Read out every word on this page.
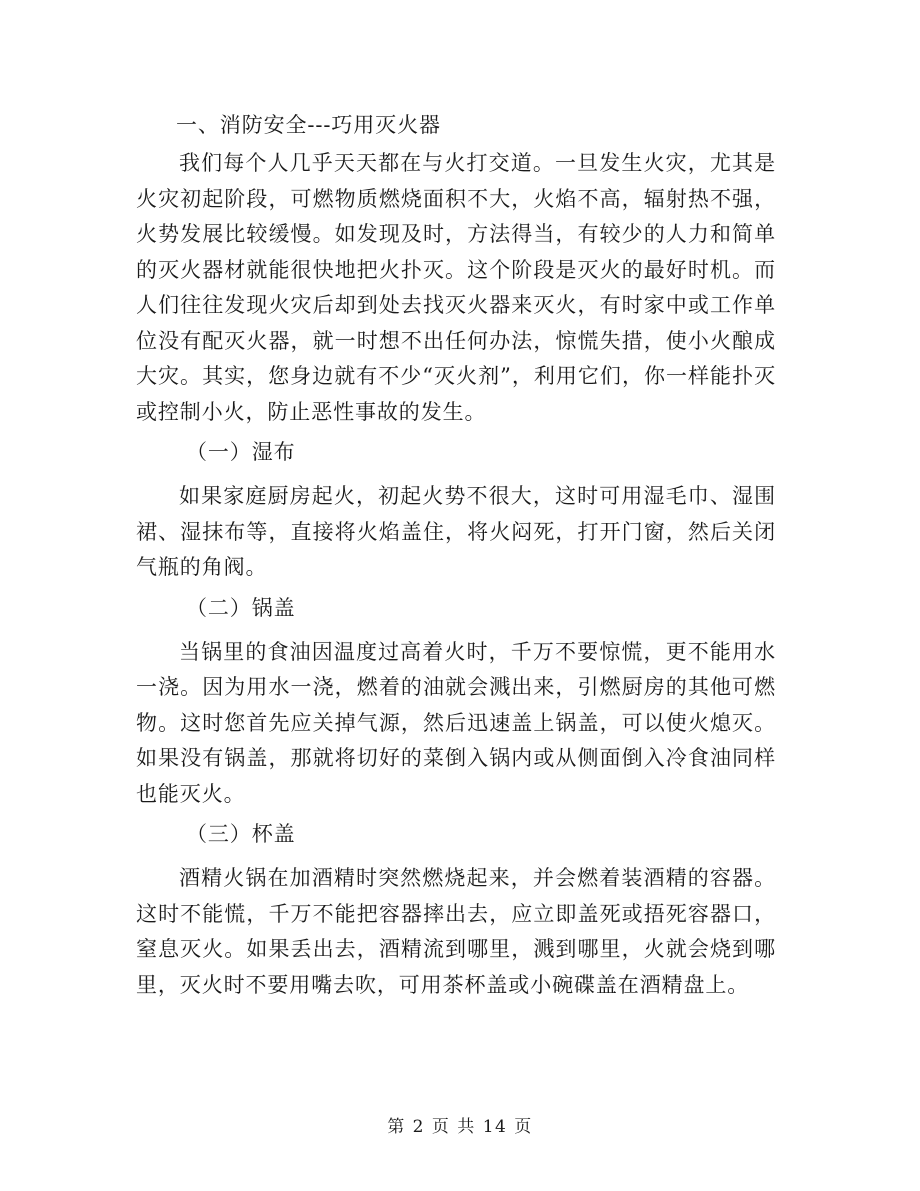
一、消防安全---巧用灭火器

我们每个人几乎天天都在与火打交道。一旦发生火灾，尤其是火灾初起阶段，可燃物质燃烧面积不大，火焰不高，辐射热不强，火势发展比较缓慢。如发现及时，方法得当，有较少的人力和简单的灭火器材就能很快地把火扑灭。这个阶段是灭火的最好时机。而人们往往发现火灾后却到处去找灭火器来灭火，有时家中或工作单位没有配灭火器，就一时想不出任何办法，惊慌失措，使小火酿成大灾。其实，您身边就有不少“灭火剂”，利用它们，你一样能扑灭或控制小火，防止恶性事故的发生。

（一）湿布

如果家庭厨房起火，初起火势不很大，这时可用湿毛巾、湿围裙、湿抹布等，直接将火焰盖住，将火闷死，打开门窗，然后关闭气瓶的角阀。

（二）锅盖

当锅里的食油因温度过高着火时，千万不要惊慌，更不能用水一浇。因为用水一浇，燃着的油就会溅出来，引燃厨房的其他可燃物。这时您首先应关掉气源，然后迅速盖上锅盖，可以使火熄灭。如果没有锅盖，那就将切好的菜倒入锅内或从侧面倒入冷食油同样也能灭火。

（三）杯盖

酒精火锅在加酒精时突然燃烧起来，并会燃着装酒精的容器。这时不能慌，千万不能把容器摔出去，应立即盖死或捂死容器口，窒息灭火。如果丢出去，酒精流到哪里，溅到哪里，火就会烧到哪里，灭火时不要用嘴去吹，可用茶杯盖或小碗碟盖在酒精盘上。

第 2 页 共 14 页
